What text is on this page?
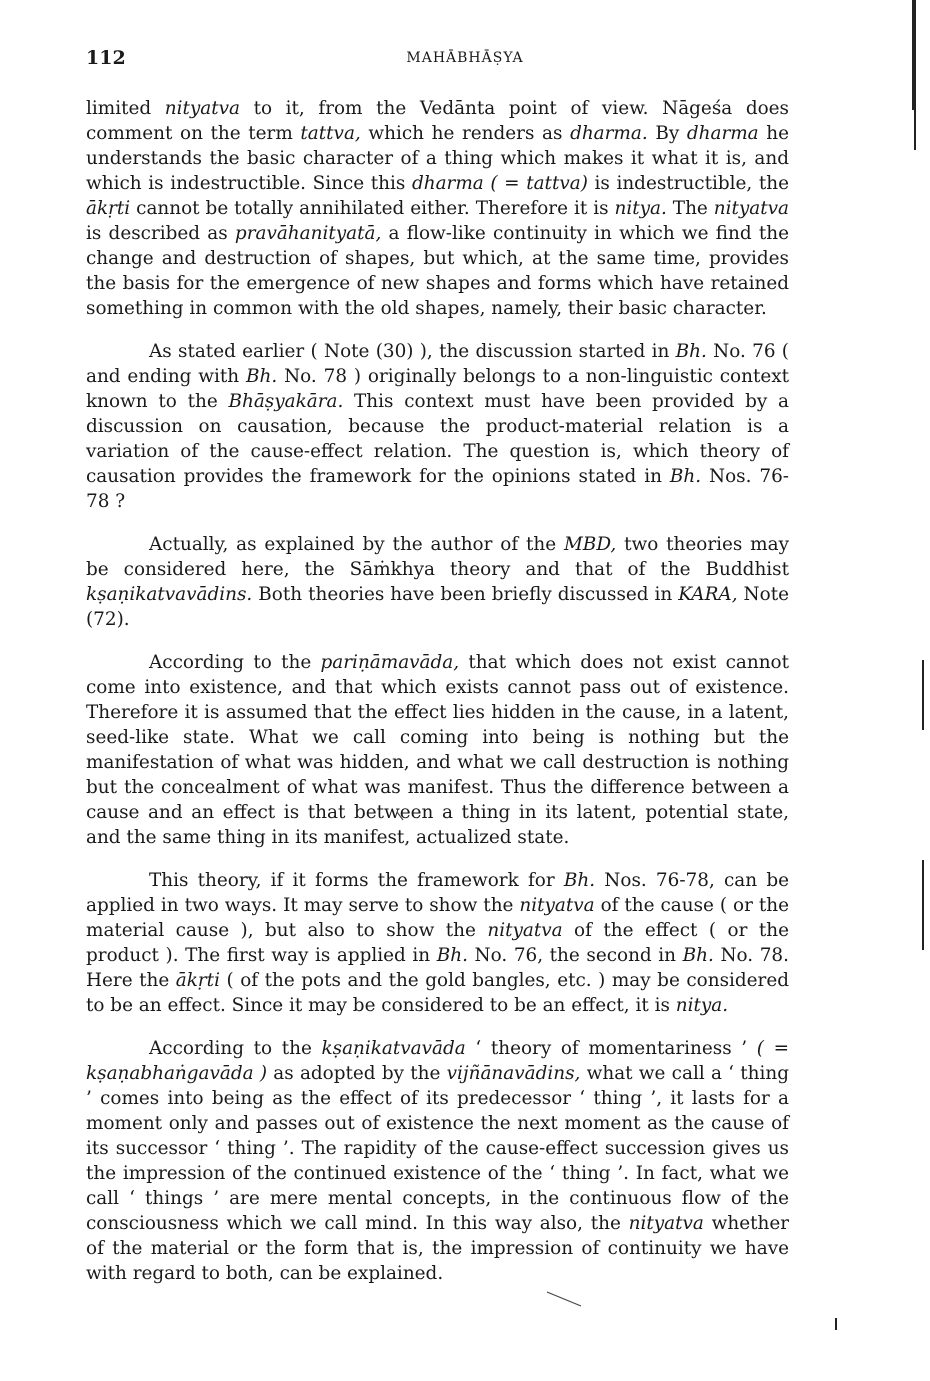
112	MAHĀBHĀṢYA

limited nityatva to it, from the Vedānta point of view. Nāgeśa does comment on the term tattva, which he renders as dharma. By dharma he understands the basic character of a thing which makes it what it is, and which is indestructible. Since this dharma ( = tattva) is indestructible, the ākṛti cannot be totally annihilated either. Therefore it is nitya. The nityatva is described as pravāhanityatā, a flow-like continuity in which we find the change and destruction of shapes, but which, at the same time, provides the basis for the emergence of new shapes and forms which have retained something in common with the old shapes, namely, their basic character.

As stated earlier ( Note (30) ), the discussion started in Bh. No. 76 ( and ending with Bh. No. 78 ) originally belongs to a non-linguistic context known to the Bhāṣyakāra. This context must have been provided by a discussion on causation, because the product-material relation is a variation of the cause-effect relation. The question is, which theory of causation provides the framework for the opinions stated in Bh. Nos. 76-78 ?

Actually, as explained by the author of the MBD, two theories may be considered here, the Sāṁkhya theory and that of the Buddhist kṣaṇikatvavādins. Both theories have been briefly discussed in KARA, Note (72).

According to the pariṇāmavāda, that which does not exist cannot come into existence, and that which exists cannot pass out of existence. Therefore it is assumed that the effect lies hidden in the cause, in a latent, seed-like state. What we call coming into being is nothing but the manifestation of what was hidden, and what we call destruction is nothing but the concealment of what was manifest. Thus the difference between a cause and an effect is that between a thing in its latent, potential state, and the same thing in its manifest, actualized state.

This theory, if it forms the framework for Bh. Nos. 76-78, can be applied in two ways. It may serve to show the nityatva of the cause ( or the material cause ), but also to show the nityatva of the effect ( or the product ). The first way is applied in Bh. No. 76, the second in Bh. No. 78. Here the ākṛti ( of the pots and the gold bangles, etc. ) may be considered to be an effect. Since it may be considered to be an effect, it is nitya.

According to the kṣaṇikatvavāda ‘ theory of momentariness ’ ( = kṣaṇabhaṅgavāda ) as adopted by the vijñānavādins, what we call a ‘ thing ’ comes into being as the effect of its predecessor ‘ thing ’, it lasts for a moment only and passes out of existence the next moment as the cause of its successor ‘ thing ’. The rapidity of the cause-effect succession gives us the impression of the continued existence of the ‘ thing ’. In fact, what we call ‘ things ’ are mere mental concepts, in the continuous flow of the consciousness which we call mind. In this way also, the nityatva whether of the material or the form that is, the impression of continuity we have with regard to both, can be explained.
